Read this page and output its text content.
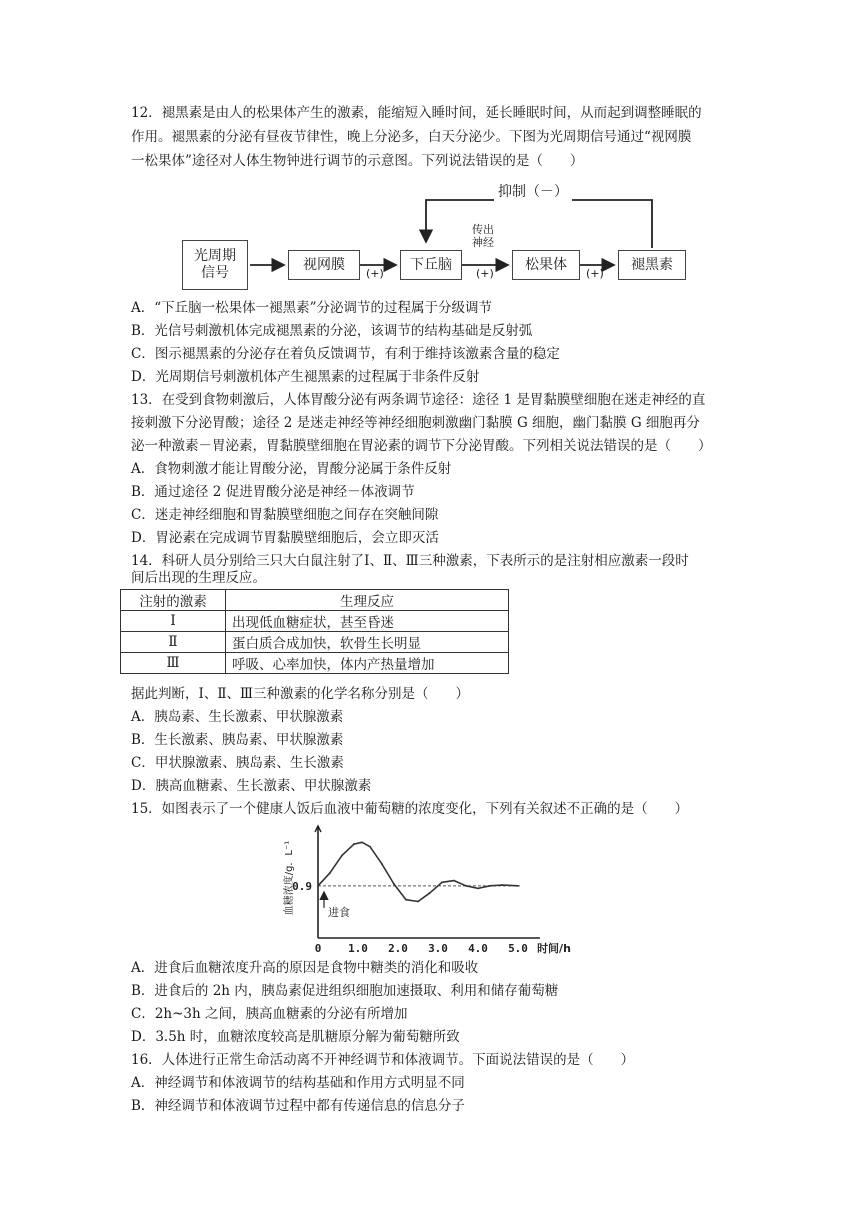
12．褪黑素是由人的松果体产生的激素，能缩短入睡时间，延长睡眠时间，从而起到调整睡眠的
作用。褪黑素的分泌有昼夜节律性，晚上分泌多，白天分泌少。下图为光周期信号通过“视网膜
一松果体”途径对人体生物钟进行调节的示意图。下列说法错误的是（　　）
抑制（－）
光周期
信号
视网膜	下丘脑	松果体	褪黑素
(+)
传出
神经
(+)	(+)
A．“下丘脑一松果体一褪黑素”分泌调节的过程属于分级调节
B．光信号刺激机体完成褪黑素的分泌，该调节的结构基础是反射弧
C．图示褪黑素的分泌存在着负反馈调节，有利于维持该激素含量的稳定
D．光周期信号刺激机体产生褪黑素的过程属于非条件反射
13．在受到食物刺激后，人体胃酸分泌有两条调节途径：途径 1 是胃黏膜壁细胞在迷走神经的直
接刺激下分泌胃酸；途径 2 是迷走神经等神经细胞刺激幽门黏膜 G 细胞，幽门黏膜 G 细胞再分
泌一种激素－胃泌素，胃黏膜壁细胞在胃泌素的调节下分泌胃酸。下列相关说法错误的是（　　）
A．食物刺激才能让胃酸分泌，胃酸分泌属于条件反射
B．通过途径 2 促进胃酸分泌是神经－体液调节
C．迷走神经细胞和胃黏膜壁细胞之间存在突触间隙
D．胃泌素在完成调节胃黏膜壁细胞后，会立即灭活
14．科研人员分别给三只大白鼠注射了Ⅰ、Ⅱ、Ⅲ三种激素，下表所示的是注射相应激素一段时
间后出现的生理反应。
注射的激素	生理反应
Ⅰ	出现低血糖症状，甚至昏迷
Ⅱ	蛋白质合成加快，软骨生长明显
Ⅲ	呼吸、心率加快，体内产热量增加
据此判断，Ⅰ、Ⅱ、Ⅲ三种激素的化学名称分别是（　　）
A．胰岛素、生长激素、甲状腺激素
B．生长激素、胰岛素、甲状腺激素
C．甲状腺激素、胰岛素、生长激素
D．胰高血糖素、生长激素、甲状腺激素
15．如图表示了一个健康人饭后血液中葡萄糖的浓度变化，下列有关叙述不正确的是（　　）
0 1.0 2.0 3.0 4.0 5.0 时间/h
0.9
血糖浓度/g．L⁻¹	进食
A．进食后血糖浓度升高的原因是食物中糖类的消化和吸收
B．进食后的 2h 内，胰岛素促进组织细胞加速摄取、利用和储存葡萄糖
C．2h~3h 之间，胰高血糖素的分泌有所增加
D．3.5h 时，血糖浓度较高是肌糖原分解为葡萄糖所致
16．人体进行正常生命活动离不开神经调节和体液调节。下面说法错误的是（　　）
A．神经调节和体液调节的结构基础和作用方式明显不同
B．神经调节和体液调节过程中都有传递信息的信息分子
